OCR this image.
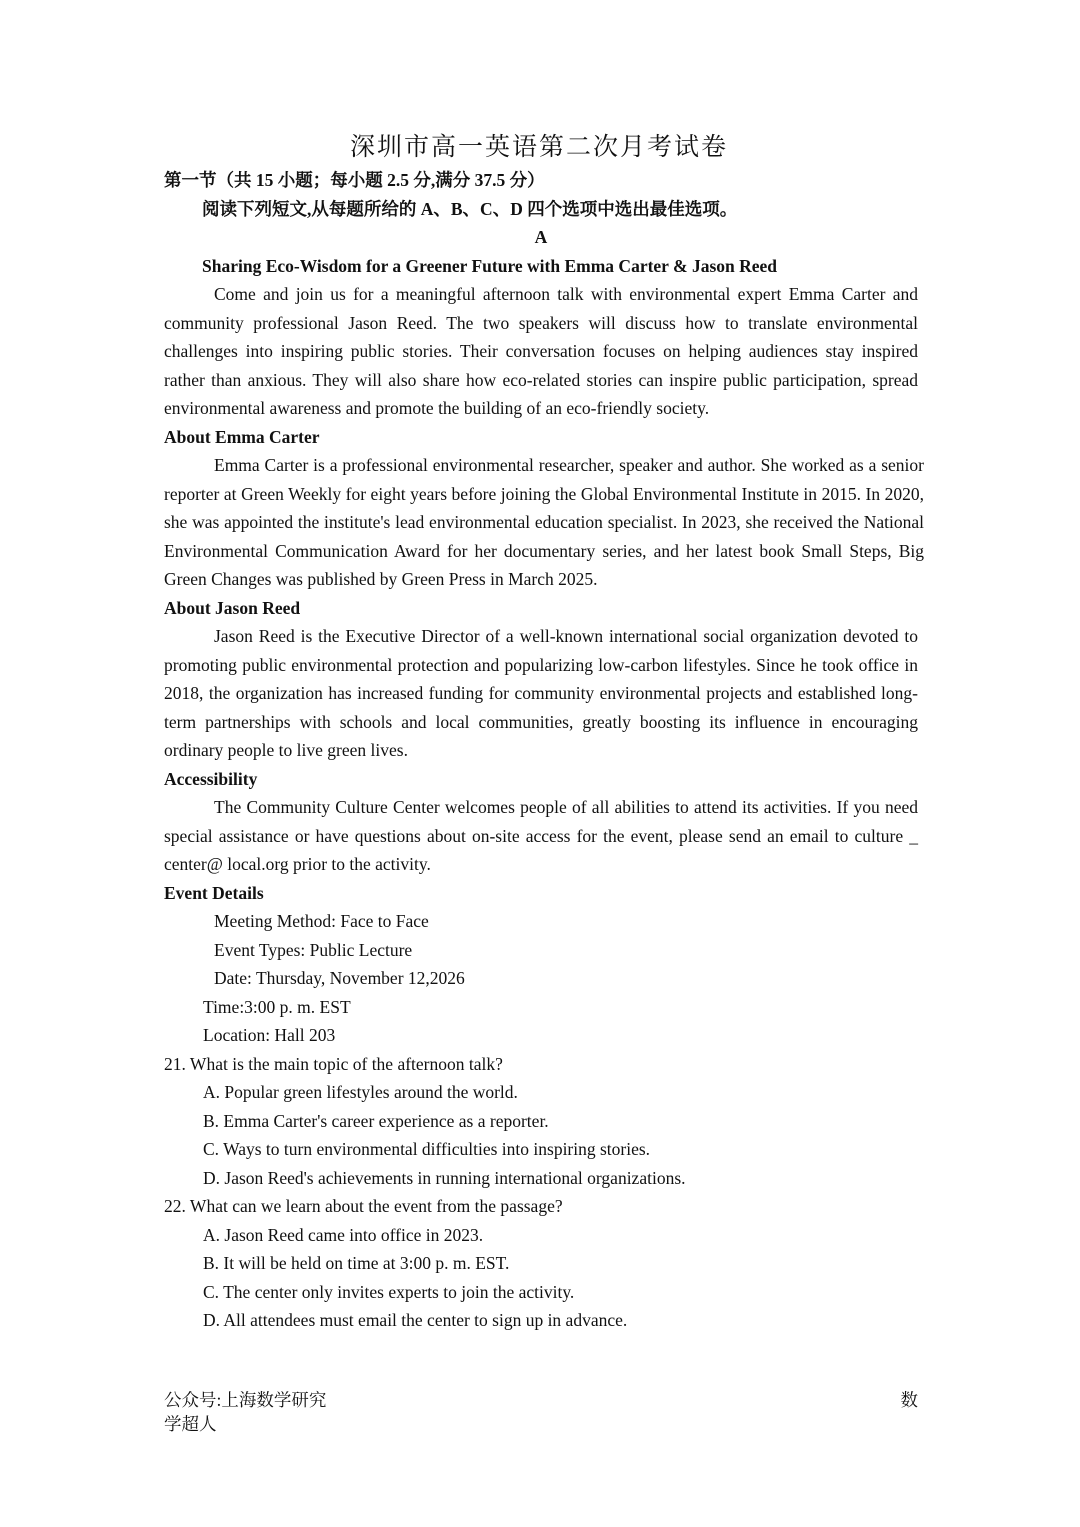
深圳市高一英语第二次月考试卷
第一节（共 15 小题；每小题 2.5 分,满分 37.5 分）
阅读下列短文,从每题所给的 A、B、C、D 四个选项中选出最佳选项。
A
Sharing Eco-Wisdom for a Greener Future with Emma Carter & Jason Reed

Come and join us for a meaningful afternoon talk with environmental expert Emma Carter and community professional Jason Reed. The two speakers will discuss how to translate environmental challenges into inspiring public stories. Their conversation focuses on helping audiences stay inspired rather than anxious. They will also share how eco-related stories can inspire public participation, spread environmental awareness and promote the building of an eco-friendly society.

About Emma Carter

Emma Carter is a professional environmental researcher, speaker and author. She worked as a senior reporter at Green Weekly for eight years before joining the Global Environmental Institute in 2015. In 2020, she was appointed the institute's lead environmental education specialist. In 2023, she received the National Environmental Communication Award for her documentary series, and her latest book Small Steps, Big Green Changes was published by Green Press in March 2025.

About Jason Reed

Jason Reed is the Executive Director of a well-known international social organization devoted to promoting public environmental protection and popularizing low-carbon lifestyles. Since he took office in 2018, the organization has increased funding for community environmental projects and established long-term partnerships with schools and local communities, greatly boosting its influence in encouraging ordinary people to live green lives.

Accessibility

The Community Culture Center welcomes people of all abilities to attend its activities. If you need special assistance or have questions about on-site access for the event, please send an email to culture _ center@ local.org prior to the activity.

Event Details
Meeting Method: Face to Face
Event Types: Public Lecture
Date: Thursday, November 12,2026
Time:3:00 p. m. EST
Location: Hall 203
21. What is the main topic of the afternoon talk?
A. Popular green lifestyles around the world.
B. Emma Carter's career experience as a reporter.
C. Ways to turn environmental difficulties into inspiring stories.
D. Jason Reed's achievements in running international organizations.
22. What can we learn about the event from the passage?
A. Jason Reed came into office in 2023.
B. It will be held on time at 3:00 p. m. EST.
C. The center only invites experts to join the activity.
D. All attendees must email the center to sign up in advance.
公众号:上海数学研究	数
学超人
